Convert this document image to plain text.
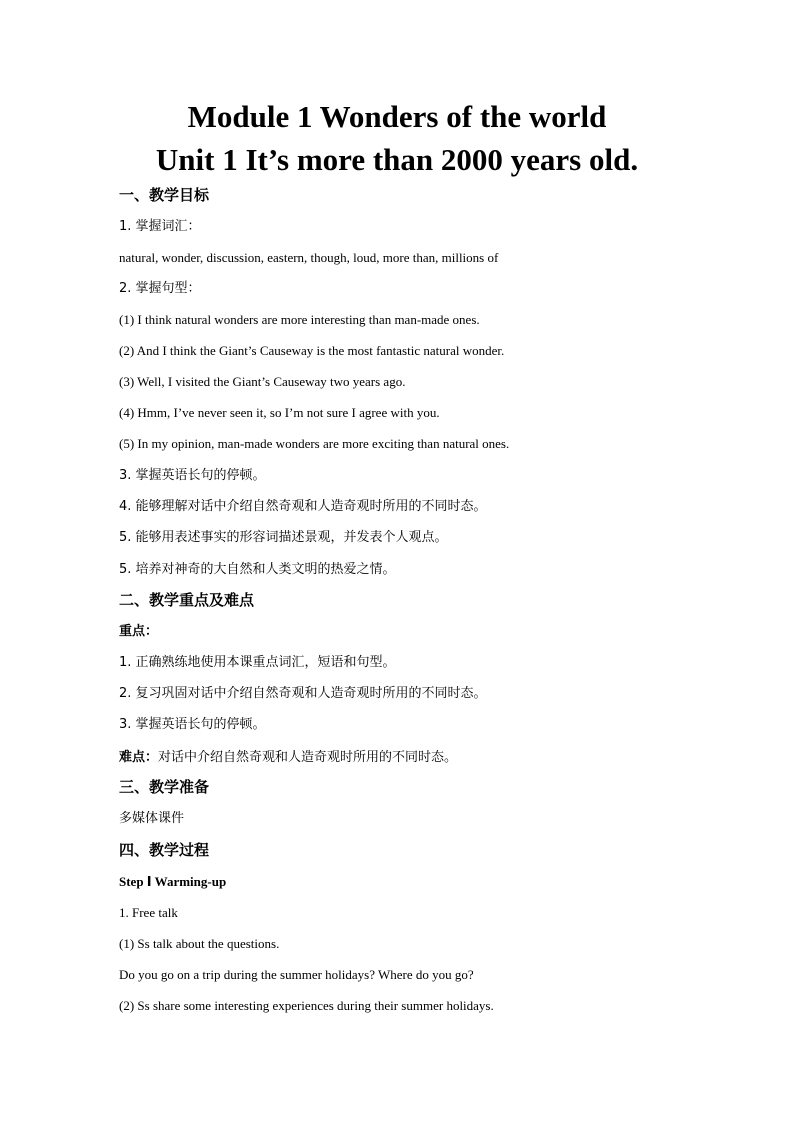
Module 1 Wonders of the world
Unit 1 It’s more than 2000 years old.
一、教学目标
1. 掌握词汇：
natural, wonder, discussion, eastern, though, loud, more than, millions of
2. 掌握句型：
(1) I think natural wonders are more interesting than man-made ones.
(2) And I think the Giant’s Causeway is the most fantastic natural wonder.
(3) Well, I visited the Giant’s Causeway two years ago.
(4) Hmm, I’ve never seen it, so I’m not sure I agree with you.
(5) In my opinion, man-made wonders are more exciting than natural ones.
3. 掌握英语长句的停顿。
4. 能够理解对话中介绍自然奇观和人造奇观时所用的不同时态。
5. 能够用表述事实的形容词描述景观，并发表个人观点。
5. 培养对神奇的大自然和人类文明的热爱之情。
二、教学重点及难点
重点：
1. 正确熟练地使用本课重点词汇，短语和句型。
2. 复习巩固对话中介绍自然奇观和人造奇观时所用的不同时态。
3. 掌握英语长句的停顿。
难点：对话中介绍自然奇观和人造奇观时所用的不同时态。
三、教学准备
多媒体课件
四、教学过程
Step Ⅰ Warming-up
1. Free talk
(1) Ss talk about the questions.
Do you go on a trip during the summer holidays? Where do you go?
(2) Ss share some interesting experiences during their summer holidays.
